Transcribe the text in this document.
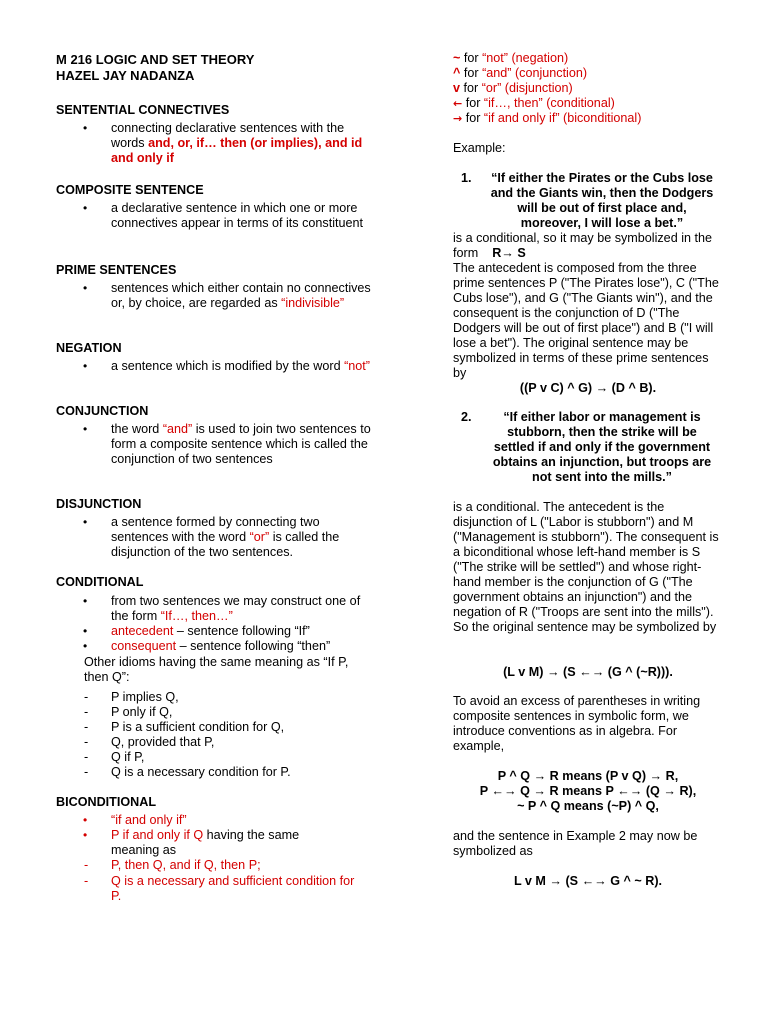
M 216 LOGIC AND SET THEORY
HAZEL JAY NADANZA
SENTENTIAL CONNECTIVES
• connecting declarative sentences with the words and, or, if… then (or implies), and id and only if
COMPOSITE SENTENCE
• a declarative sentence in which one or more connectives appear in terms of its constituent
PRIME SENTENCES
• sentences which either contain no connectives or, by choice, are regarded as “indivisible”
NEGATION
• a sentence which is modified by the word “not”
CONJUNCTION
• the word “and” is used to join two sentences to form a composite sentence which is called the conjunction of two sentences
DISJUNCTION
• a sentence formed by connecting two sentences with the word “or” is called the disjunction of the two sentences.
CONDITIONAL
• from two sentences we may construct one of the form “If…, then…”
• antecedent – sentence following “If”
• consequent – sentence following “then”
Other idioms having the same meaning as “If P, then Q”:
- P implies Q,
- P only if Q,
- P is a sufficient condition for Q,
- Q, provided that P,
- Q if P,
- Q is a necessary condition for P.
BICONDITIONAL
• “if and only if”
• P if and only if Q having the same meaning as
- P, then Q, and if Q, then P;
- Q is a necessary and sufficient condition for P.
~ for “not” (negation)
^ for “and” (conjunction)
v for “or” (disjunction)
← for “if…, then” (conditional)
→ for “if and only if” (biconditional)
Example:
1. “If either the Pirates or the Cubs lose and the Giants win, then the Dodgers will be out of first place and, moreover, I will lose a bet.”
is a conditional, so it may be symbolized in the form R→ S
The antecedent is composed from the three prime sentences P ("The Pirates lose"), C ("The Cubs lose"), and G ("The Giants win"), and the consequent is the conjunction of D ("The Dodgers will be out of first place") and B ("I will lose a bet"). The original sentence may be symbolized in terms of these prime sentences by
((P v C) ^ G) → (D ^ B).
2.	“If either labor or management is stubborn, then the strike will be settled if and only if the government obtains an injunction, but troops are not sent into the mills.”
is a conditional. The antecedent is the disjunction of L ("Labor is stubborn") and M ("Management is stubborn"). The consequent is a biconditional whose left-hand member is S ("The strike will be settled") and whose right-hand member is the conjunction of G ("The government obtains an injunction") and the negation of R ("Troops are sent into the mills"). So the original sentence may be symbolized by
(L v M) → (S ←→ (G ^ (~R))).
To avoid an excess of parentheses in writing composite sentences in symbolic form, we introduce conventions as in algebra. For example,
P ^ Q → R means (P v Q) → R,
P ←→ Q → R means P ←→ (Q → R),
~ P ^ Q means (~P) ^ Q,
and the sentence in Example 2 may now be symbolized as
L v M → (S ←→ G ^ ~ R).
